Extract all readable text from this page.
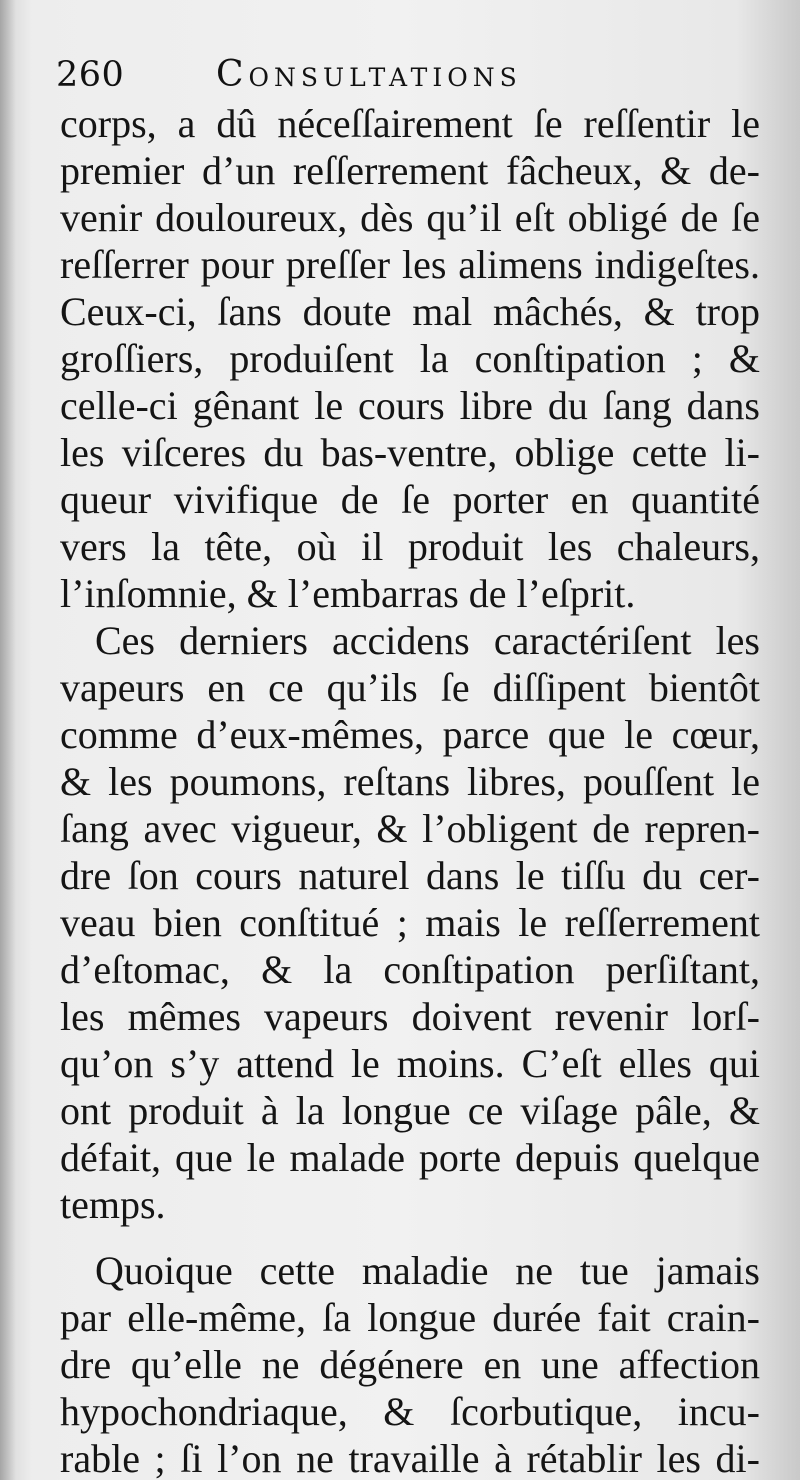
260	Consultations
corps, a dû néceſſairement ſe reſſentir le
premier d’un reſſerrement fâcheux, & de-
venir douloureux, dès qu’il eſt obligé de ſe
reſſerrer pour preſſer les alimens indigeſtes.
Ceux-ci, ſans doute mal mâchés, & trop
groſſiers, produiſent la conſtipation ; &
celle-ci gênant le cours libre du ſang dans
les viſceres du bas-ventre, oblige cette li-
queur vivifique de ſe porter en quantité
vers la tête, où il produit les chaleurs,
l’inſomnie, & l’embarras de l’eſprit.
Ces derniers accidens caractériſent les
vapeurs en ce qu’ils ſe diſſipent bientôt
comme d’eux-mêmes, parce que le cœur,
& les poumons, reſtans libres, pouſſent le
ſang avec vigueur, & l’obligent de repren-
dre ſon cours naturel dans le tiſſu du cer-
veau bien conſtitué ; mais le reſſerrement
d’eſtomac, & la conſtipation perſiſtant,
les mêmes vapeurs doivent revenir lorſ-
qu’on s’y attend le moins. C’eſt elles qui
ont produit à la longue ce viſage pâle, &
défait, que le malade porte depuis quelque
temps.
Quoique cette maladie ne tue jamais
par elle-même, ſa longue durée fait crain-
dre qu’elle ne dégénere en une affection
hypochondriaque, & ſcorbutique, incu-
rable ; ſi l’on ne travaille à rétablir les di-
